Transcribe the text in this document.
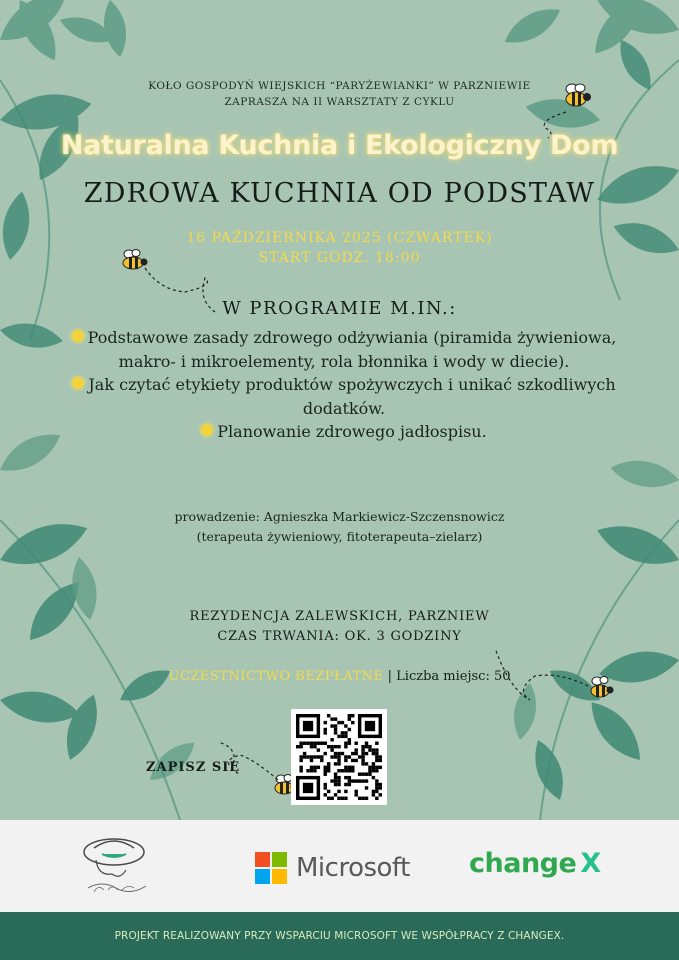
KOŁO GOSPODYŃ WIEJSKICH “PARYŻEWIANKI” W PARZNIEWIE
ZAPRASZA NA II WARSZTATY Z CYKLU
Naturalna Kuchnia i Ekologiczny Dom
ZDROWA KUCHNIA OD PODSTAW
16 PAŹDZIERNIKA 2025 (CZWARTEK)
START GODZ. 18:00
W PROGRAMIE M.IN.:

Podstawowe zasady zdrowego odżywiania (piramida żywieniowa, makro- i mikroelementy, rola błonnika i wody w diecie).

Jak czytać etykiety produktów spożywczych i unikać szkodliwych dodatków.

Planowanie zdrowego jadłospisu.

prowadzenie: Agnieszka Markiewicz-Szczensnowicz
(terapeuta żywieniowy, fitoterapeuta–zielarz)
REZYDENCJA ZALEWSKICH, PARZNIEW
CZAS TRWANIA: OK. 3 GODZINY
UCZESTNICTWO BEZPŁATNE | Liczba miejsc: 50
ZAPISZ SIĘ
Microsoft change X
PROJEKT REALIZOWANY PRZY WSPARCIU MICROSOFT WE WSPÓŁPRACY Z CHANGEX.
